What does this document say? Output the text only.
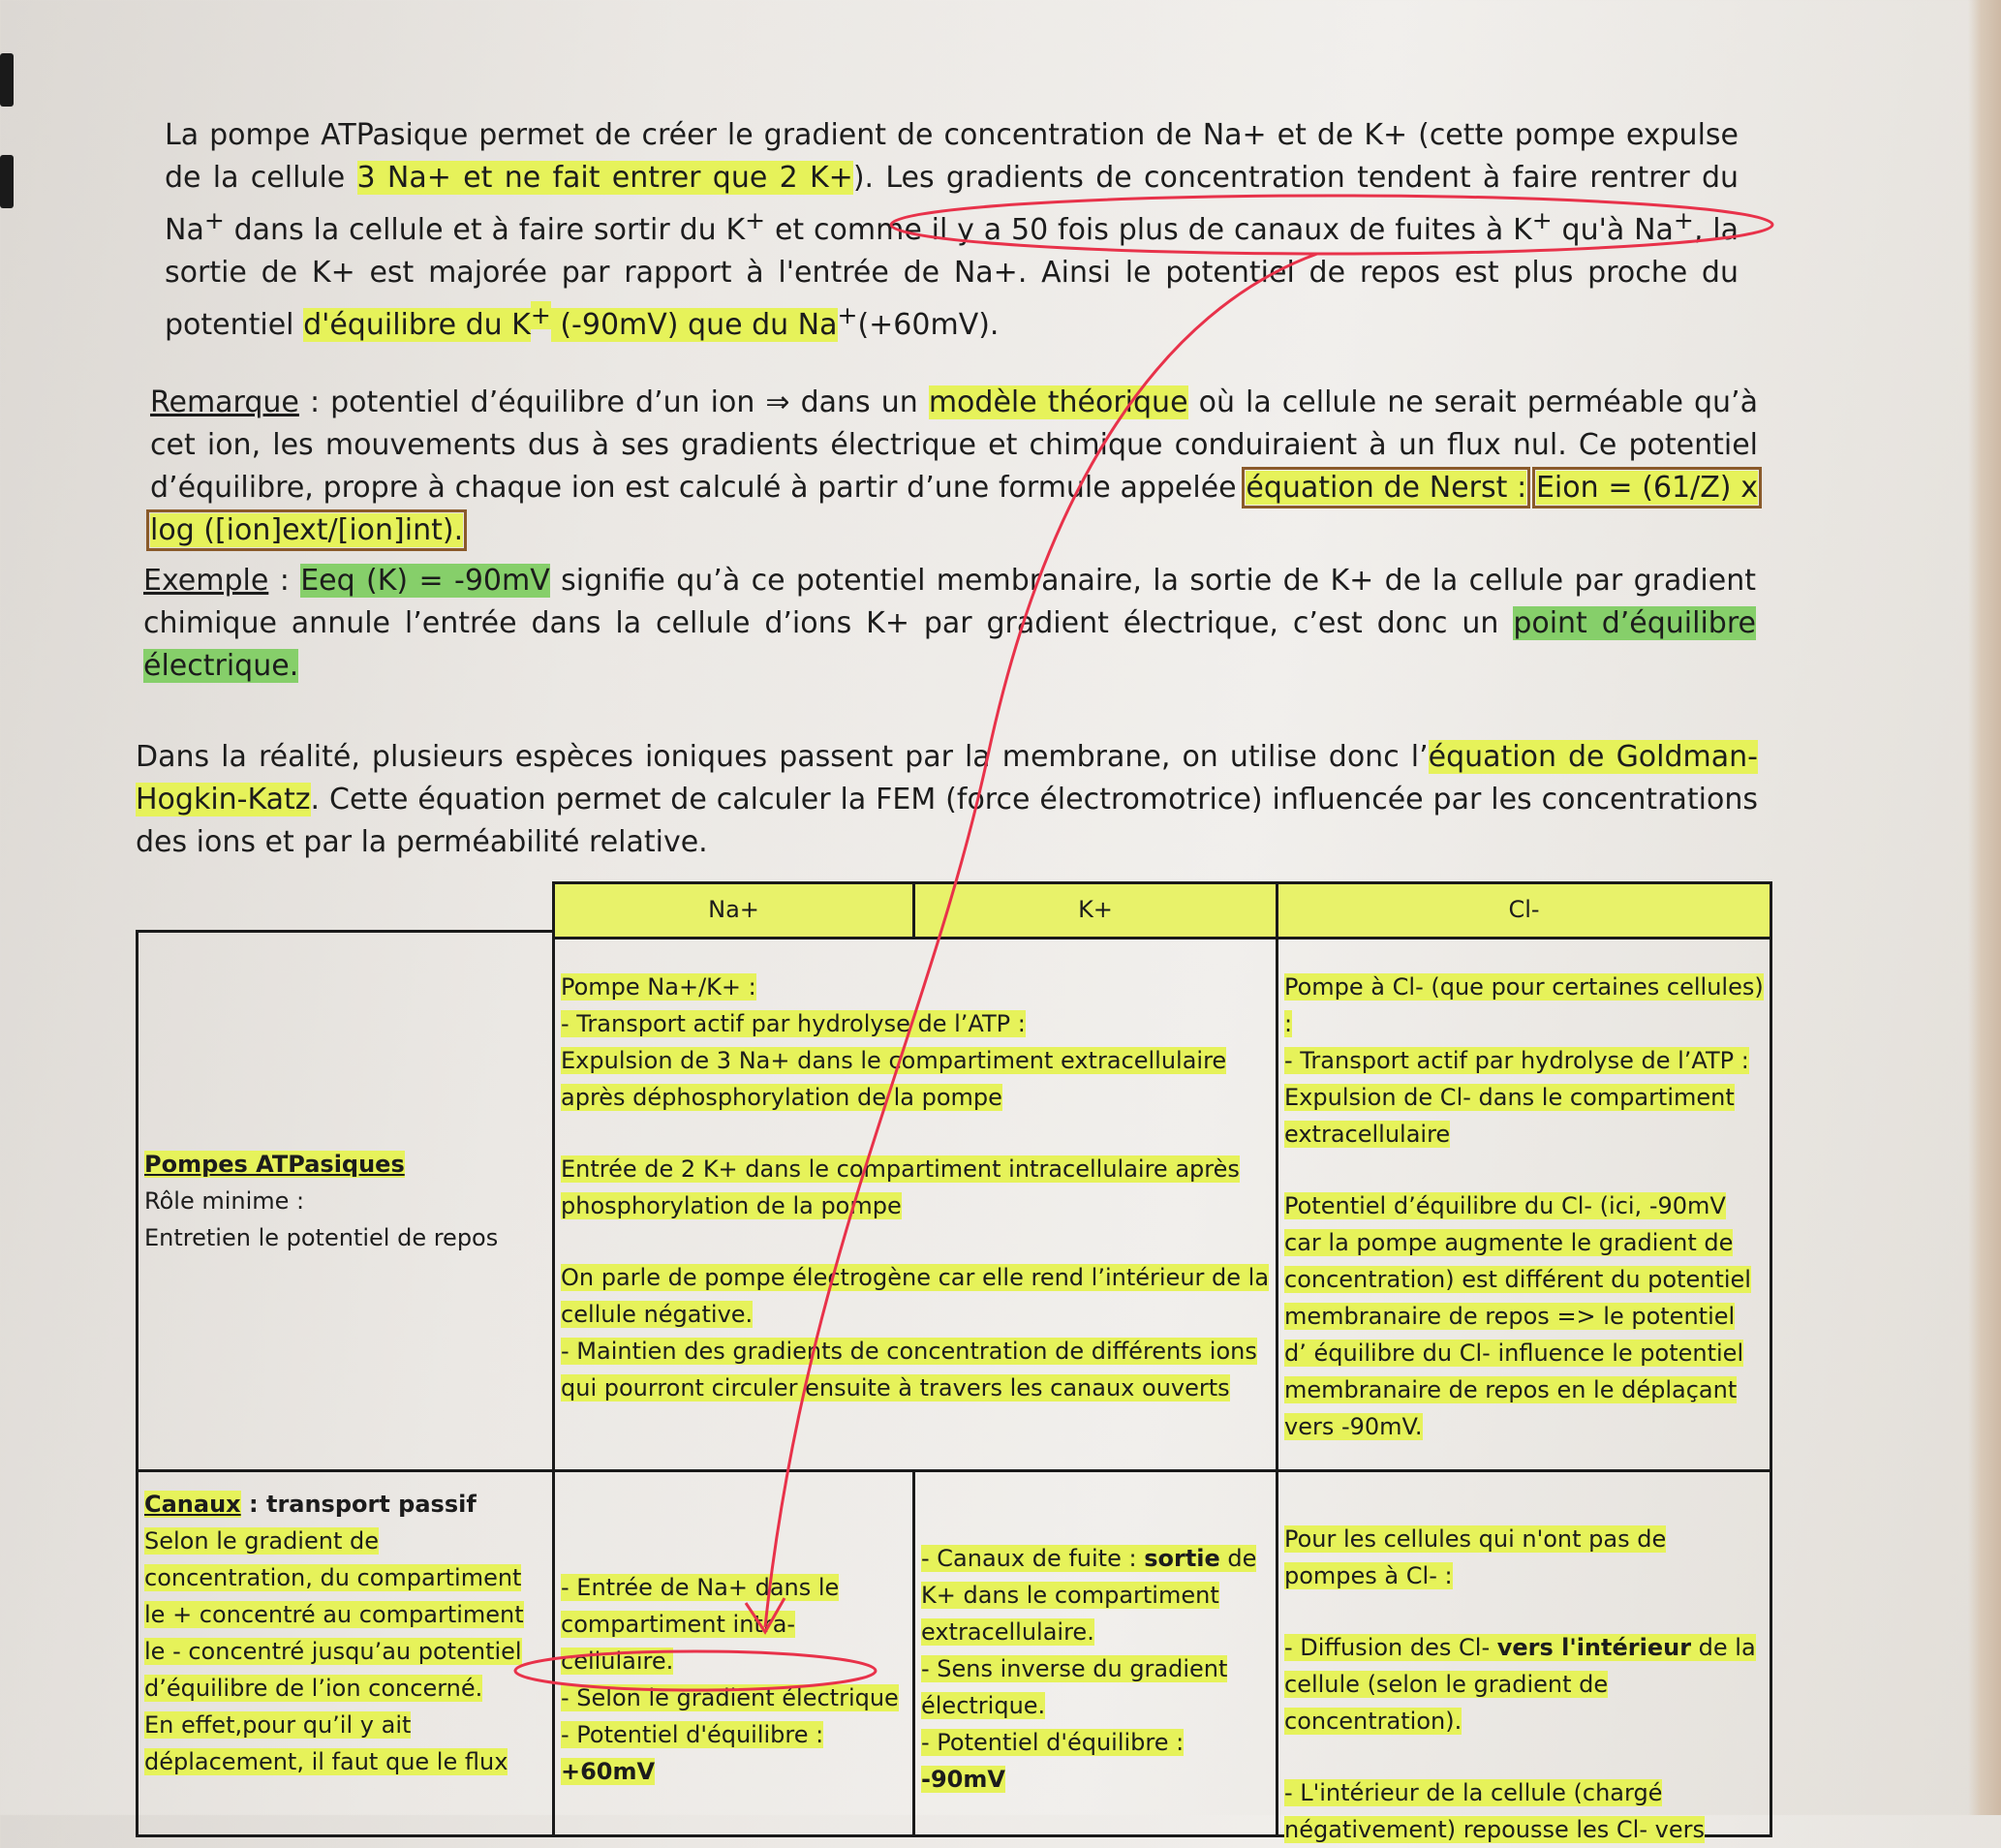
La pompe ATPasique permet de créer le gradient de concentration de Na+ et de K+ (cette pompe expulse de la cellule 3 Na+ et ne fait entrer que 2 K+). Les gradients de concentration tendent à faire rentrer du Na+ dans la cellule et à faire sortir du K+ et comme il y a 50 fois plus de canaux de fuites à K+ qu'à Na+, la sortie de K+ est majorée par rapport à l'entrée de Na+. Ainsi le potentiel de repos est plus proche du potentiel d'équilibre du K+ (-90mV) que du Na+(+60mV).

Remarque : potentiel d’équilibre d’un ion ⇒ dans un modèle théorique où la cellule ne serait perméable qu’à cet ion, les mouvements dus à ses gradients électrique et chimique conduiraient à un flux nul. Ce potentiel d’équilibre, propre à chaque ion est calculé à partir d’une formule appelée équation de Nerst : Eion = (61/Z) x log ([ion]ext/[ion]int).

Exemple : Eeq (K) = -90mV signifie qu’à ce potentiel membranaire, la sortie de K+ de la cellule par gradient chimique annule l’entrée dans la cellule d’ions K+ par gradient électrique, c’est donc un point d’équilibre électrique.

Dans la réalité, plusieurs espèces ioniques passent par la membrane, on utilise donc l’équation de Goldman-Hogkin-Katz. Cette équation permet de calculer la FEM (force électromotrice) influencée par les concentrations des ions et par la perméabilité relative.

Na+	K+	Cl-

Pompes ATPasiques

Rôle minime :

Entretien le potentiel de repos

Pompe Na+/K+ :

- Transport actif par hydrolyse de l’ATP :

Expulsion de 3 Na+ dans le compartiment extracellulaire après déphosphorylation de la pompe

Entrée de 2 K+ dans le compartiment intracellulaire après phosphorylation de la pompe

On parle de pompe électrogène car elle rend l’intérieur de la cellule négative.

- Maintien des gradients de concentration de différents ions qui pourront circuler ensuite à travers les canaux ouverts

Pompe à Cl- (que pour certaines cellules) :

- Transport actif par hydrolyse de l’ATP :

Expulsion de Cl- dans le compartiment extracellulaire

Potentiel d’équilibre du Cl- (ici, -90mV car la pompe augmente le gradient de concentration) est différent du potentiel membranaire de repos => le potentiel d’ équilibre du Cl- influence le potentiel membranaire de repos en le déplaçant vers -90mV.

Canaux : transport passif

Selon le gradient de concentration, du compartiment le + concentré au compartiment le - concentré jusqu’au potentiel d’équilibre de l’ion concerné.

En effet,pour qu’il y ait déplacement, il faut que le flux

- Entrée de Na+ dans le compartiment intra-cellulaire.

- Selon le gradient électrique

- Potentiel d'équilibre : +60mV

- Canaux de fuite : sortie de K+ dans le compartiment extracellulaire.

- Sens inverse du gradient électrique.

- Potentiel d'équilibre : -90mV

Pour les cellules qui n'ont pas de pompes à Cl- :

- Diffusion des Cl- vers l'intérieur de la cellule (selon le gradient de concentration).

- L'intérieur de la cellule (chargé négativement) repousse les Cl- vers
